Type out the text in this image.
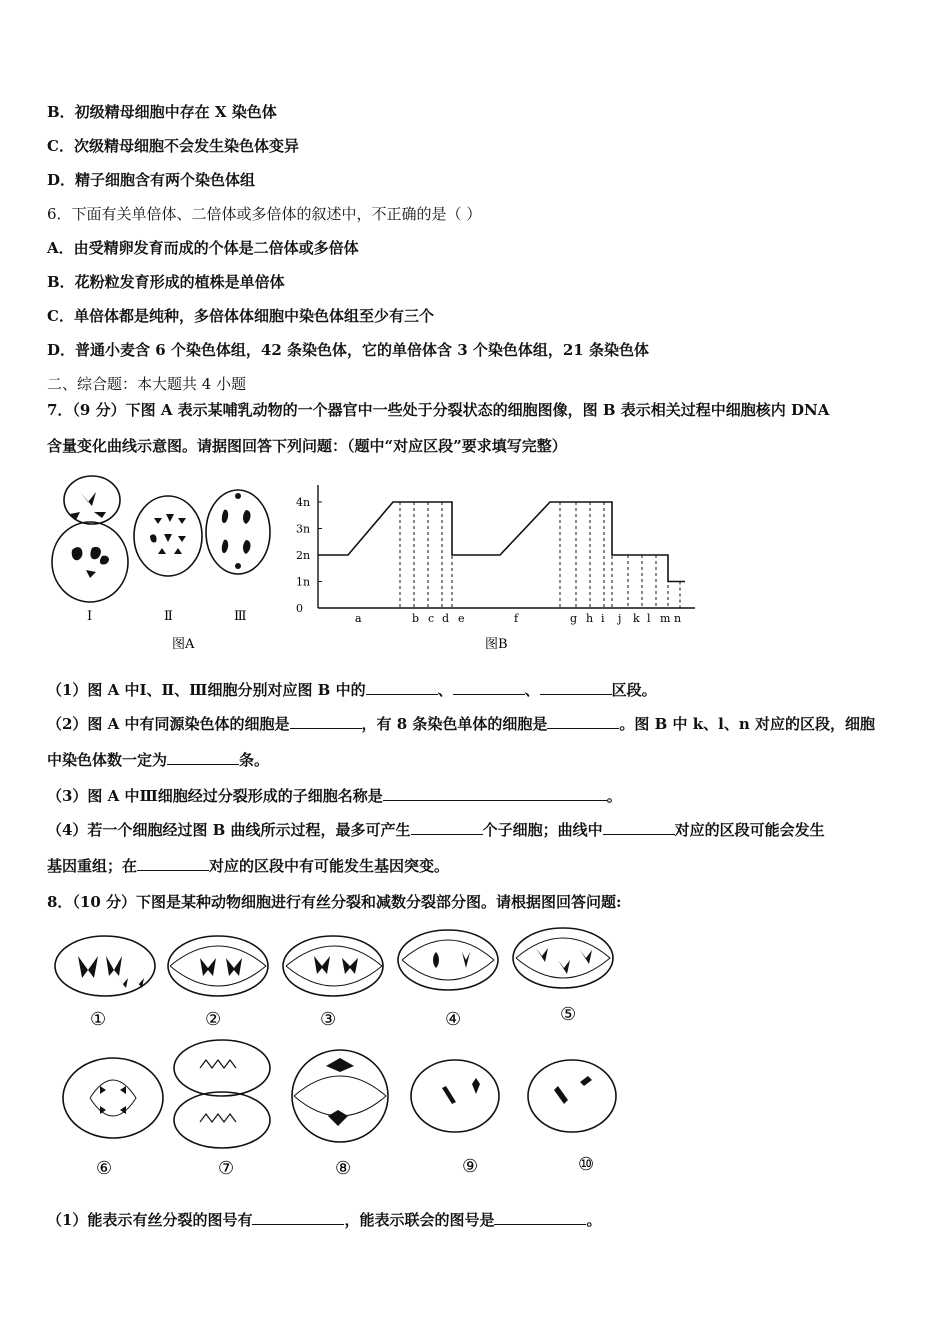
B．初级精母细胞中存在 X 染色体
C．次级精母细胞不会发生染色体变异
D．精子细胞含有两个染色体组
6．下面有关单倍体、二倍体或多倍体的叙述中，不正确的是（ ）
A．由受精卵发育而成的个体是二倍体或多倍体
B．花粉粒发育形成的植株是单倍体
C．单倍体都是纯种，多倍体体细胞中染色体组至少有三个
D．普通小麦含 6 个染色体组，42 条染色体，它的单倍体含 3 个染色体组，21 条染色体
二、综合题：本大题共 4 小题
7．（9 分）下图 A 表示某哺乳动物的一个器官中一些处于分裂状态的细胞图像，图 B 表示相关过程中细胞核内 DNA
含量变化曲线示意图。请据图回答下列问题：（题中“对应区段”要求填写完整）
Ⅰ	Ⅱ	Ⅲ
图A
4n
3n
2n
1n
0
a	b c d e	f	g h i j k l m n
图B
（1）图 A 中Ⅰ、Ⅱ、Ⅲ细胞分别对应图 B 中的	、	、	区段。
（2）图 A 中有同源染色体的细胞是	，有 8 条染色单体的细胞是	。图 B 中 k、l、n 对应的区段，细胞
中染色体数一定为	条。
（3）图 A 中Ⅲ细胞经过分裂形成的子细胞名称是	。
（4）若一个细胞经过图 B 曲线所示过程，最多可产生	个子细胞；曲线中	对应的区段可能会发生
基因重组；在	对应的区段中有可能发生基因突变。
8．（10 分）下图是某种动物细胞进行有丝分裂和减数分裂部分图。请根据图回答问题:
①	②	③	④	⑤
⑥	⑦	⑧	⑨	⑩
（1）能表示有丝分裂的图号有	，能表示联会的图号是	。
